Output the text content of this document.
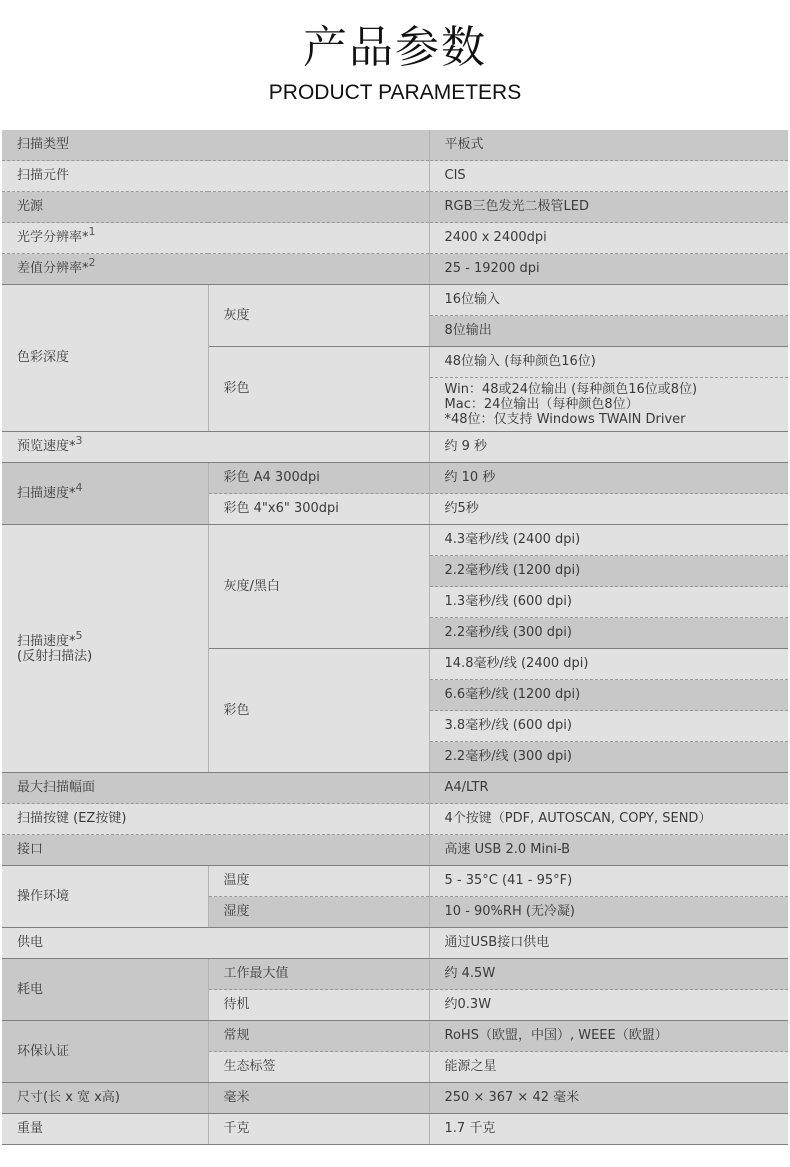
产品参数
PRODUCT PARAMETERS
扫描类型		平板式
扫描元件		CIS
光源		RGB三色发光二极管LED
光学分辨率*$^1$		2400 x 2400dpi
差值分辨率*$^2$		25 - 19200 dpi
色彩深度	灰度	16位输入
		8位输出
	彩色	48位输入 (每种颜色16位)

		Win：48或24位输出 (每种颜色16位或8位)
Mac：24位输出（每种颜色8位）
*48位：仅支持 Windows TWAIN Driver

预览速度*$^3$		约 9 秒
扫描速度*$^4$	彩色 A4 300dpi	约 10 秒
	彩色 4"x6" 300dpi	约5秒

扫描速度*$^5$
(反射扫描法)	灰度/黑白	4.3毫秒/线 (2400 dpi)
		2.2毫秒/线 (1200 dpi)
		1.3毫秒/线 (600 dpi)
		2.2毫秒/线 (300 dpi)
	彩色	14.8毫秒/线 (2400 dpi)
		6.6毫秒/线 (1200 dpi)
		3.8毫秒/线 (600 dpi)
		2.2毫秒/线 (300 dpi)
最大扫描幅面		A4/LTR
扫描按键 (EZ按键)		4个按键（PDF, AUTOSCAN, COPY, SEND）
接口		高速 USB 2.0 Mini-B
操作环境	温度	5 - 35°C (41 - 95°F)
	湿度	10 - 90%RH (无冷凝)
供电		通过USB接口供电
耗电	工作最大值	约 4.5W
	待机	约0.3W
环保认证	常规	RoHS（欧盟，中国）, WEEE（欧盟）
	生态标签	能源之星
尺寸(长 x 宽 x高)	毫米	250 × 367 × 42 毫米
重量	千克	1.7 千克
